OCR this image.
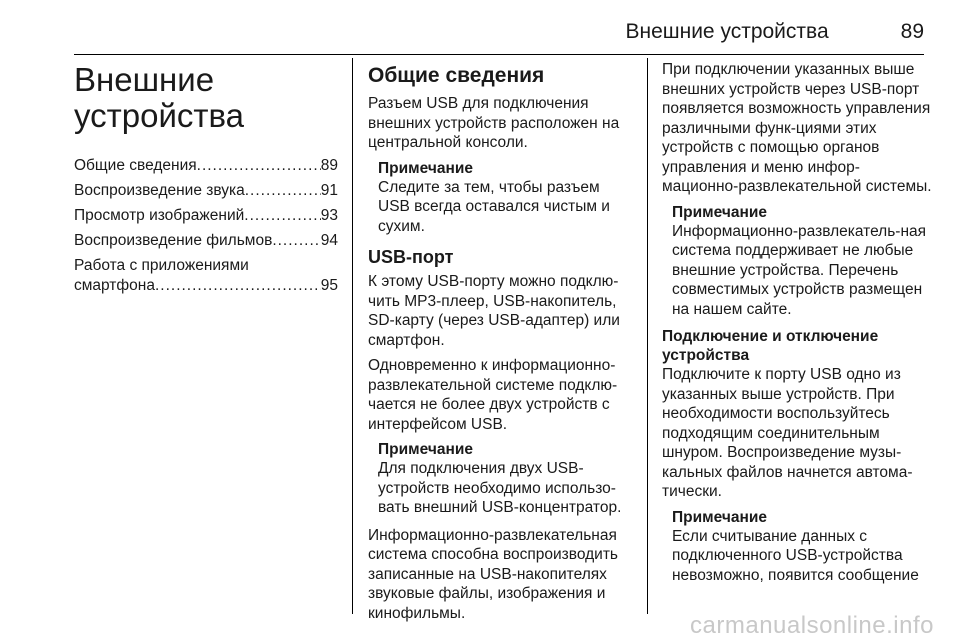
Внешние устройства	89
Внешние
устройства
Общие сведения .....	89
Воспроизведение звука .....	91
Просмотр изображений .....	93
Воспроизведение фильмов .....	94
Работа с приложениями
смартфона .....	95
Общие сведения

Разъем USB для подключения внешних устройств расположен на центральной консоли.

Примечание

Следите за тем, чтобы разъем USB всегда оставался чистым и сухим.

USB-порт

К этому USB-порту можно подклю-чить MP3-плеер, USB-накопитель, SD-карту (через USB-адаптер) или смартфон.

Одновременно к информационно-развлекательной системе подклю-чается не более двух устройств с интерфейсом USB.

Примечание

Для подключения двух USB-устройств необходимо использо-вать внешний USB-концентратор.

Информационно-развлекательная система способна воспроизводить записанные на USB-накопителях звуковые файлы, изображения и кинофильмы.

При подключении указанных выше внешних устройств через USB-порт появляется возможность управления различными функ-циями этих устройств с помощью органов управления и меню инфор-мационно-развлекательной системы.

Примечание

Информационно-развлекатель-ная система поддерживает не любые внешние устройства. Перечень совместимых устройств размещен на нашем сайте.

Подключение и отключение устройства

Подключите к порту USB одно из указанных выше устройств. При необходимости воспользуйтесь подходящим соединительным шнуром. Воспроизведение музы-кальных файлов начнется автома-тически.

Примечание

Если считывание данных с подключенного USB-устройства невозможно, появится сообщение

carmanualsonline.info
